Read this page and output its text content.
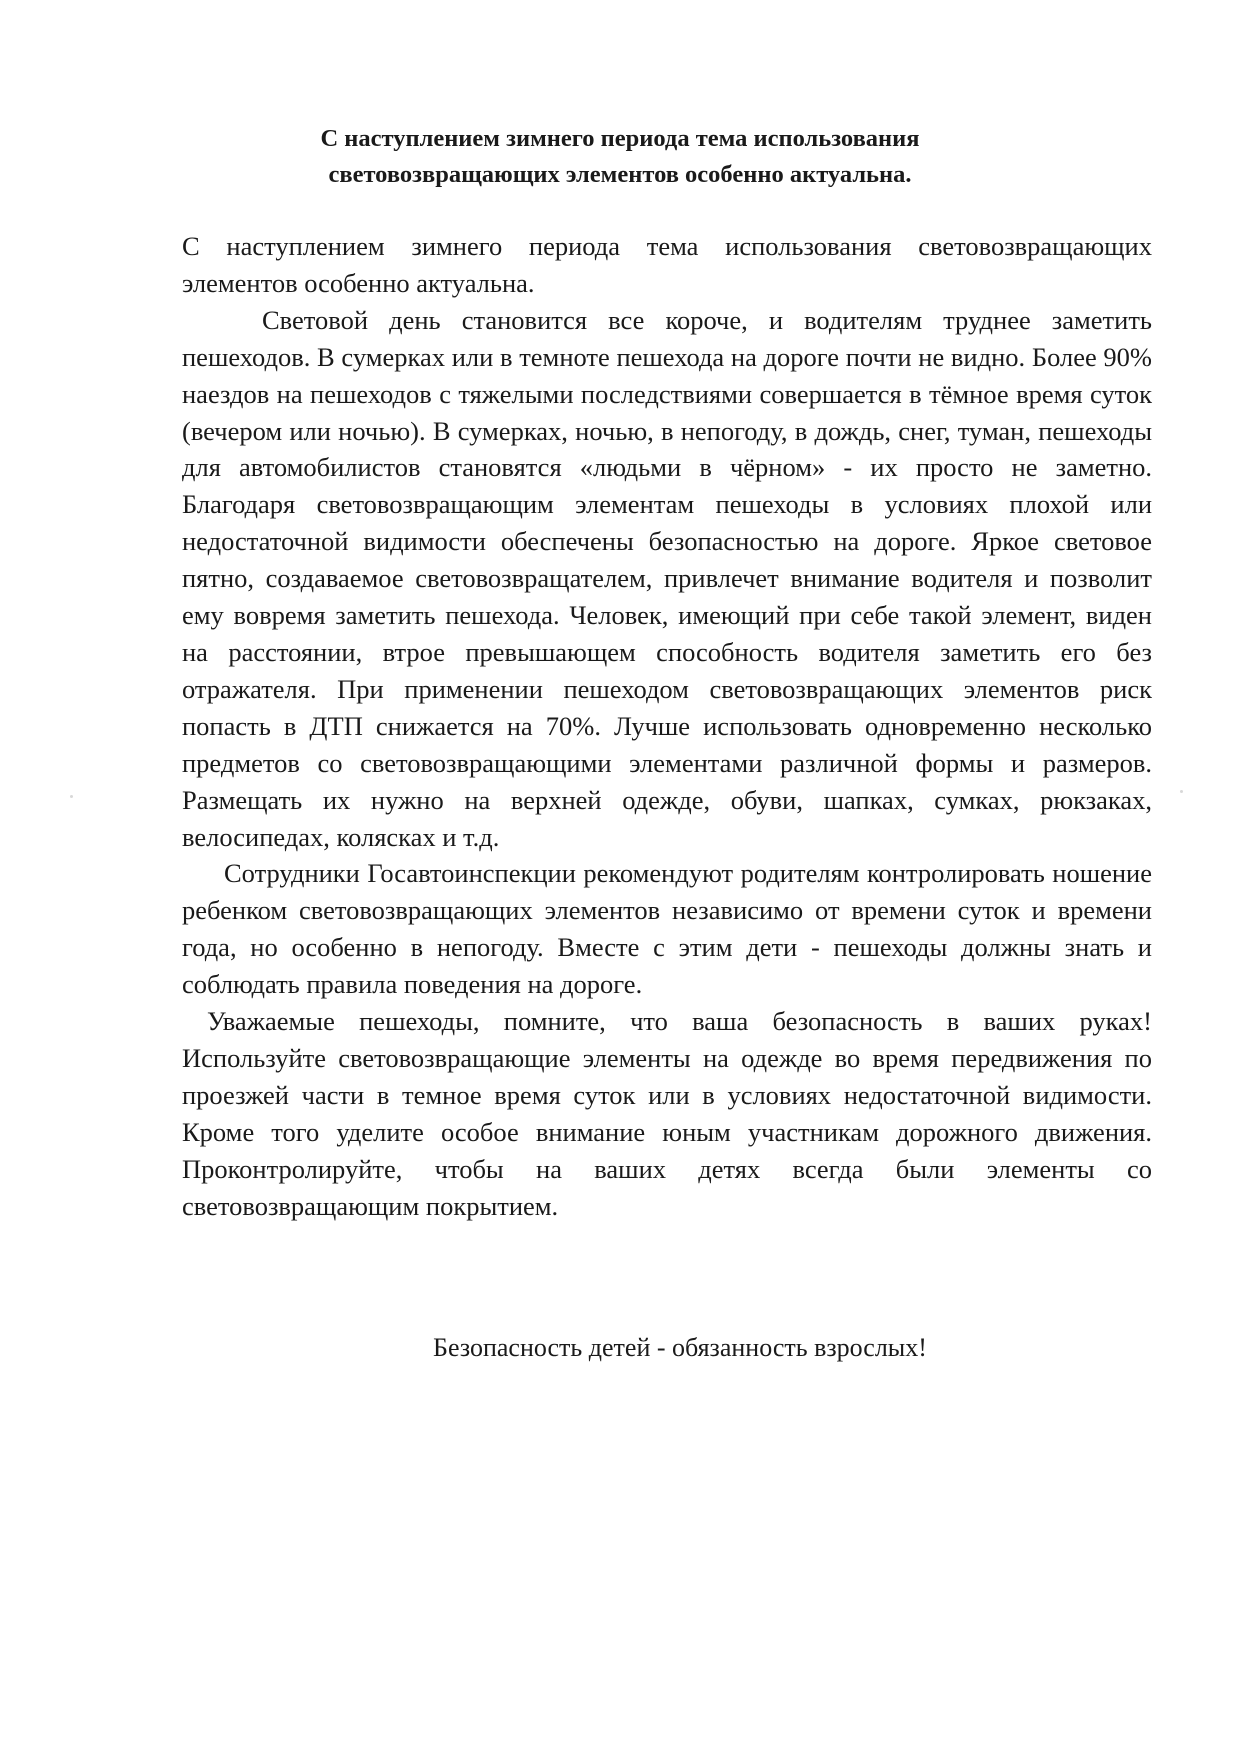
С наступлением зимнего периода тема использования
световозвращающих элементов особенно актуальна.

С наступлением зимнего периода тема использования световозвращающих элементов особенно актуальна.

Световой день становится все короче, и водителям труднее заметить пешеходов. В сумерках или в темноте пешехода на дороге почти не видно. Более 90% наездов на пешеходов с тяжелыми последствиями совершается в тёмное время суток (вечером или ночью). В сумерках, ночью, в непогоду, в дождь, снег, туман, пешеходы для автомобилистов становятся «людьми в чёрном» - их просто не заметно. Благодаря световозвращающим элементам пешеходы в условиях плохой или недостаточной видимости обеспечены безопасностью на дороге. Яркое световое пятно, создаваемое световозвращателем, привлечет внимание водителя и позволит ему вовремя заметить пешехода. Человек, имеющий при себе такой элемент, виден на расстоянии, втрое превышающем способность водителя заметить его без отражателя. При применении пешеходом световозвращающих элементов риск попасть в ДТП снижается на 70%. Лучше использовать одновременно несколько предметов со световозвращающими элементами различной формы и размеров. Размещать их нужно на верхней одежде, обуви, шапках, сумках, рюкзаках, велосипедах, колясках и т.д.

Сотрудники Госавтоинспекции рекомендуют родителям контролировать ношение ребенком световозвращающих элементов независимо от времени суток и времени года, но особенно в непогоду. Вместе с этим дети - пешеходы должны знать и соблюдать правила поведения на дороге.

Уважаемые пешеходы, помните, что ваша безопасность в ваших руках! Используйте световозвращающие элементы на одежде во время передвижения по проезжей части в темное время суток или в условиях недостаточной видимости. Кроме того уделите особое внимание юным участникам дорожного движения. Проконтролируйте, чтобы на ваших детях всегда были элементы со световозвращающим покрытием.

Безопасность детей - обязанность взрослых!
